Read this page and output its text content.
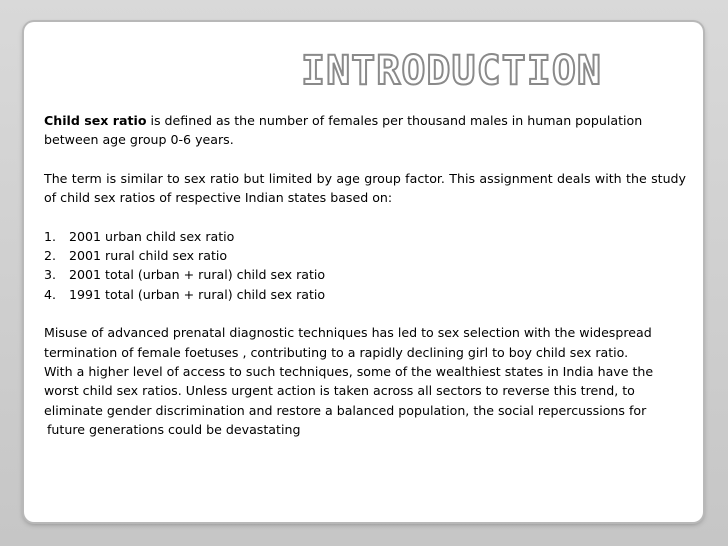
INTRODUCTION

Child sex ratio is defined as the number of females per thousand males in human population between age group 0-6 years.

The term is similar to sex ratio but limited by age group factor. This assignment deals with the study of child sex ratios of respective Indian states based on:

1.	2001 urban child sex ratio
2.	2001 rural child sex ratio
3.	2001 total (urban + rural) child sex ratio
4.	1991 total (urban + rural) child sex ratio
Misuse of advanced prenatal diagnostic techniques has led to sex selection with the widespread
termination of female foetuses , contributing to a rapidly declining girl to boy child sex ratio.
With a higher level of access to such techniques, some of the wealthiest states in India have the
worst child sex ratios. Unless urgent action is taken across all sectors to reverse this trend, to
eliminate gender discrimination and restore a balanced population, the social repercussions for
future generations could be devastating
